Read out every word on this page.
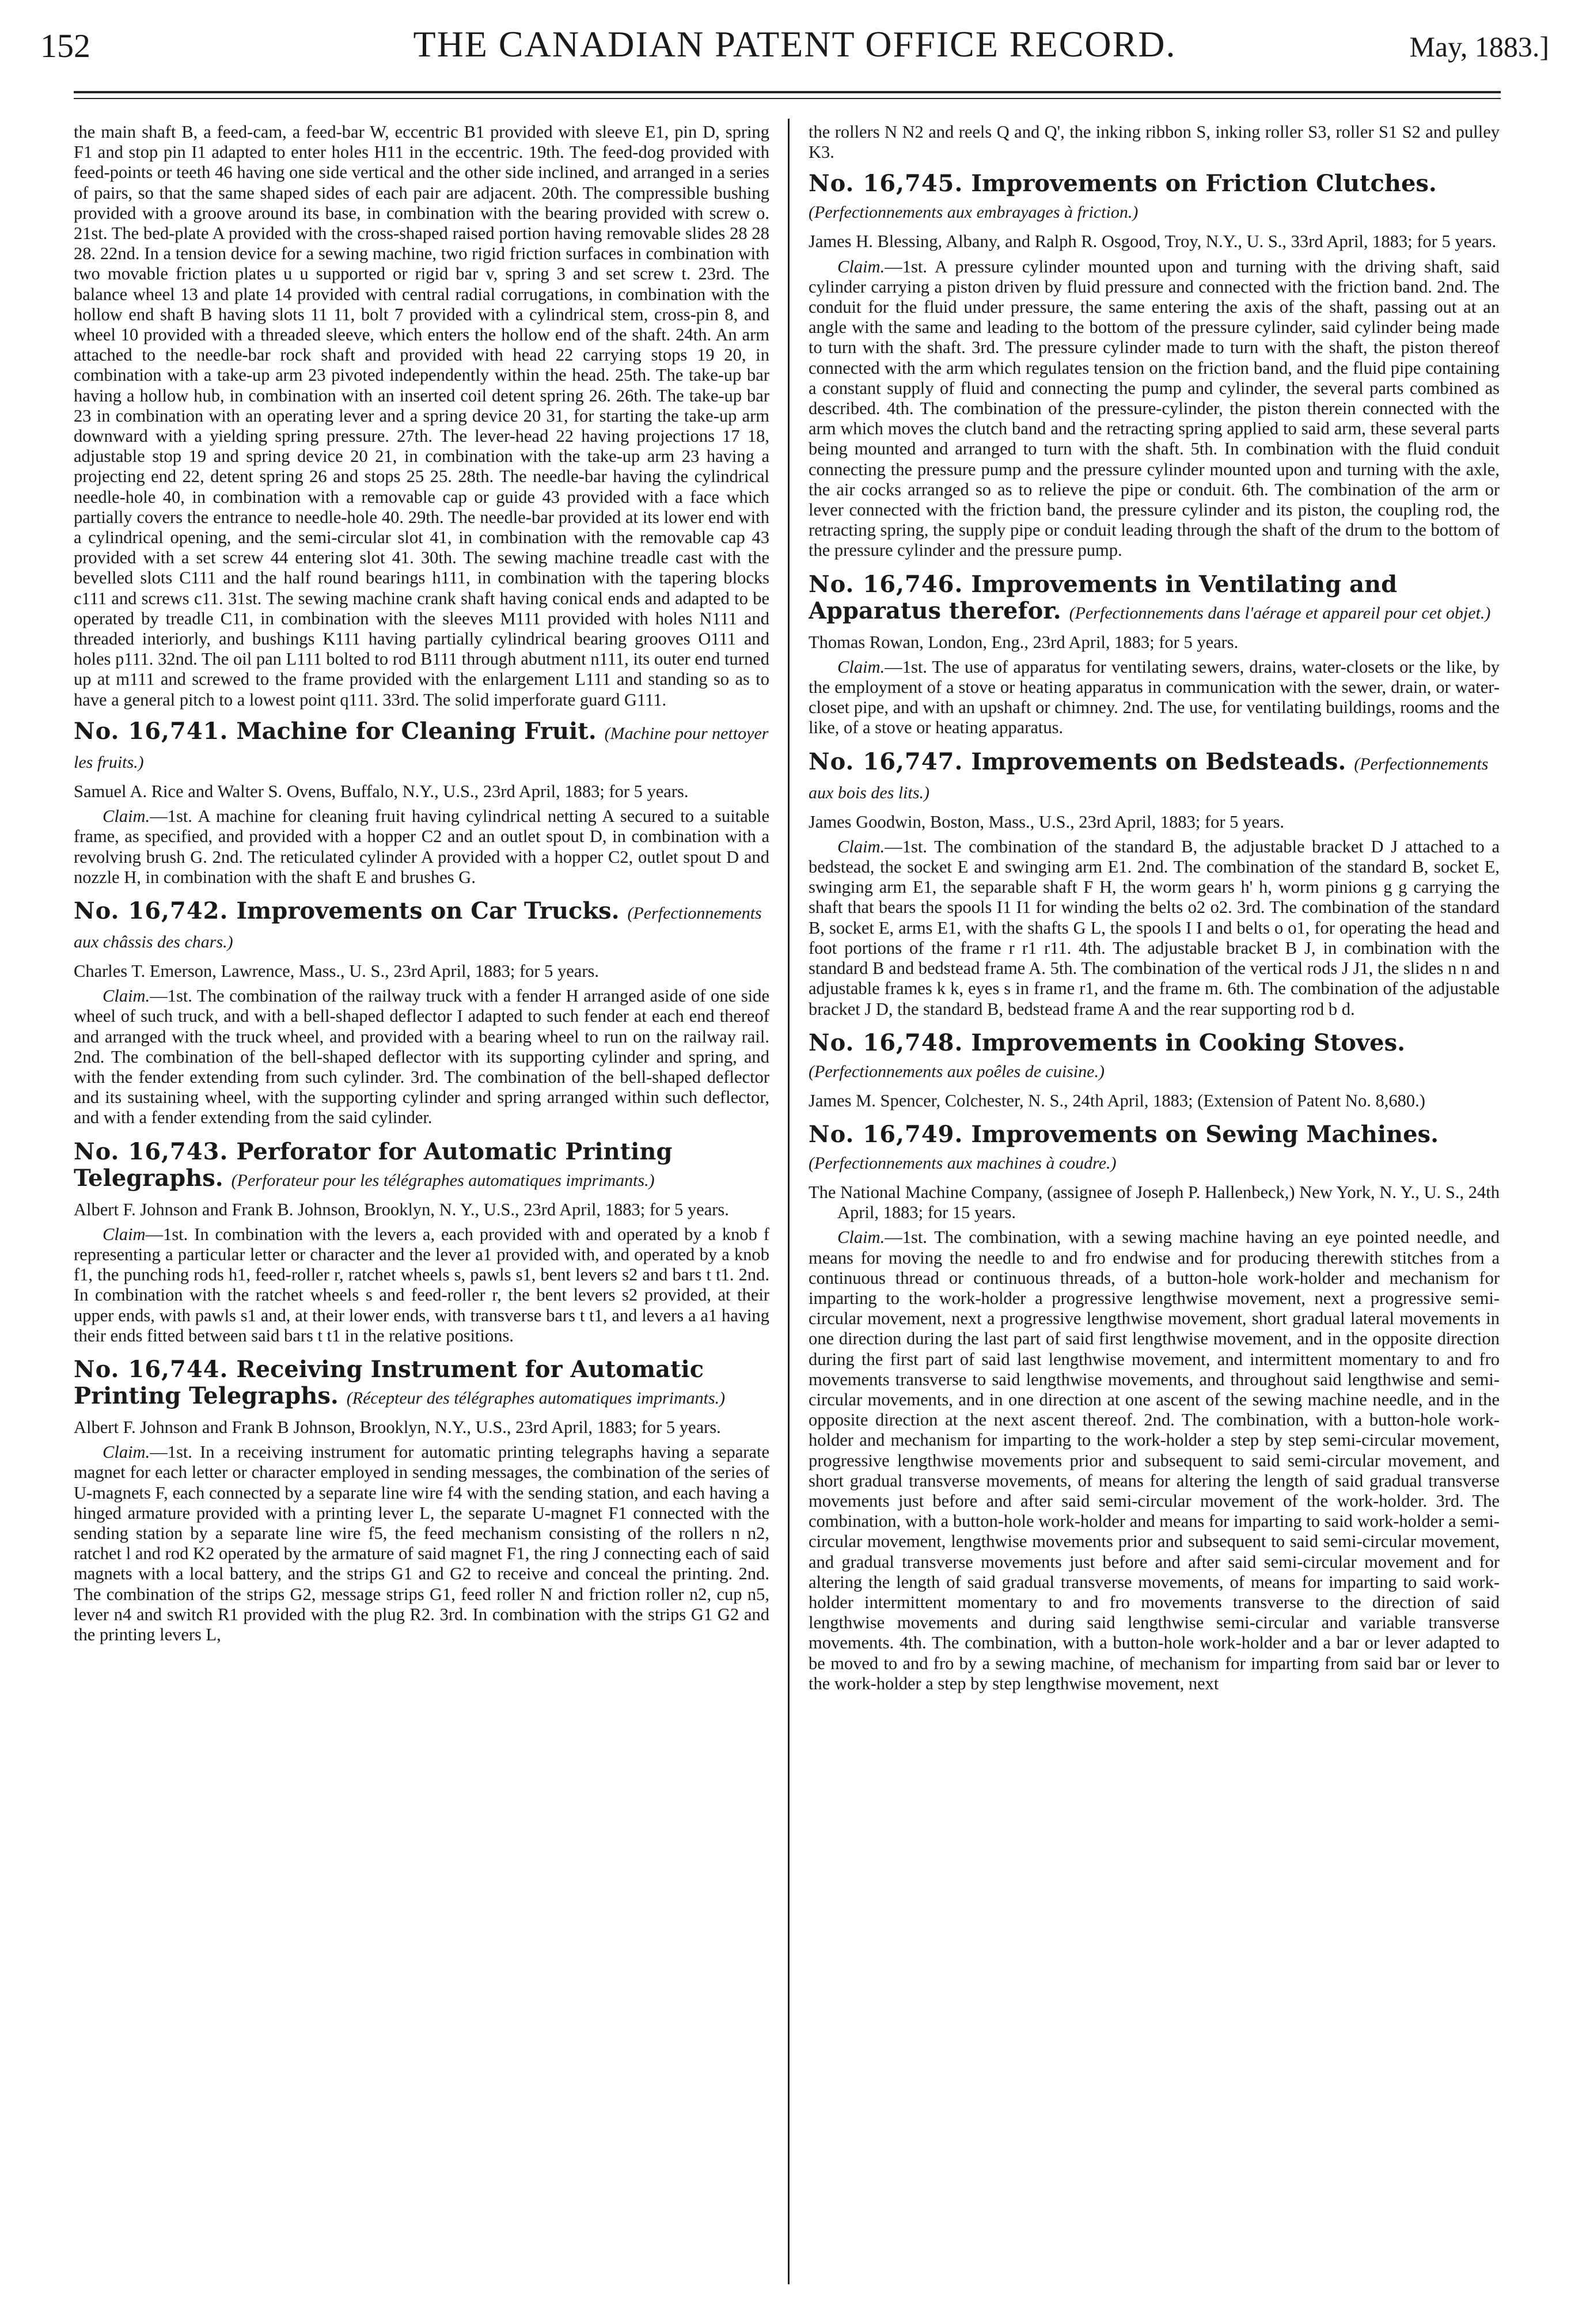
152	THE CANADIAN PATENT OFFICE RECORD.	May, 1883.]

the main shaft B, a feed-cam, a feed-bar W, eccentric B1 provided with sleeve E1, pin D, spring F1 and stop pin I1 adapted to enter holes H11 in the eccentric. 19th. The feed-dog provided with feed-points or teeth 46 having one side vertical and the other side inclined, and arranged in a series of pairs, so that the same shaped sides of each pair are adjacent. 20th. The compressible bushing provided with a groove around its base, in combination with the bearing provided with screw o. 21st. The bed-plate A provided with the cross-shaped raised portion having removable slides 28 28 28. 22nd. In a tension device for a sewing machine, two rigid friction surfaces in combination with two movable friction plates u u supported or rigid bar v, spring 3 and set screw t. 23rd. The balance wheel 13 and plate 14 provided with central radial corrugations, in combination with the hollow end shaft B having slots 11 11, bolt 7 provided with a cylindrical stem, cross-pin 8, and wheel 10 provided with a threaded sleeve, which enters the hollow end of the shaft. 24th. An arm attached to the needle-bar rock shaft and provided with head 22 carrying stops 19 20, in combination with a take-up arm 23 pivoted independently within the head. 25th. The take-up bar having a hollow hub, in combination with an inserted coil detent spring 26. 26th. The take-up bar 23 in combination with an operating lever and a spring device 20 31, for starting the take-up arm downward with a yielding spring pressure. 27th. The lever-head 22 having projections 17 18, adjustable stop 19 and spring device 20 21, in combination with the take-up arm 23 having a projecting end 22, detent spring 26 and stops 25 25. 28th. The needle-bar having the cylindrical needle-hole 40, in combination with a removable cap or guide 43 provided with a face which partially covers the entrance to needle-hole 40. 29th. The needle-bar provided at its lower end with a cylindrical opening, and the semi-circular slot 41, in combination with the removable cap 43 provided with a set screw 44 entering slot 41. 30th. The sewing machine treadle cast with the bevelled slots C111 and the half round bearings h111, in combination with the tapering blocks c111 and screws c11. 31st. The sewing machine crank shaft having conical ends and adapted to be operated by treadle C11, in combination with the sleeves M111 provided with holes N111 and threaded interiorly, and bushings K111 having partially cylindrical bearing grooves O111 and holes p111. 32nd. The oil pan L111 bolted to rod B111 through abutment n111, its outer end turned up at m111 and screwed to the frame provided with the enlargement L111 and standing so as to have a general pitch to a lowest point q111. 33rd. The solid imperforate guard G111.

No. 16,741. Machine for Cleaning Fruit. (Machine pour nettoyer les fruits.)

Samuel A. Rice and Walter S. Ovens, Buffalo, N.Y., U.S., 23rd April, 1883; for 5 years.

Claim.—1st. A machine for cleaning fruit having cylindrical netting A secured to a suitable frame, as specified, and provided with a hopper C2 and an outlet spout D, in combination with a revolving brush G. 2nd. The reticulated cylinder A provided with a hopper C2, outlet spout D and nozzle H, in combination with the shaft E and brushes G.

No. 16,742. Improvements on Car Trucks. (Perfectionnements aux châssis des chars.)

Charles T. Emerson, Lawrence, Mass., U. S., 23rd April, 1883; for 5 years.

Claim.—1st. The combination of the railway truck with a fender H arranged aside of one side wheel of such truck, and with a bell-shaped deflector I adapted to such fender at each end thereof and arranged with the truck wheel, and provided with a bearing wheel to run on the railway rail. 2nd. The combination of the bell-shaped deflector with its supporting cylinder and spring, and with the fender extending from such cylinder. 3rd. The combination of the bell-shaped deflector and its sustaining wheel, with the supporting cylinder and spring arranged within such deflector, and with a fender extending from the said cylinder.

No. 16,743. Perforator for Automatic Printing Telegraphs. (Perforateur pour les télégraphes automatiques imprimants.)

Albert F. Johnson and Frank B. Johnson, Brooklyn, N. Y., U.S., 23rd April, 1883; for 5 years.

Claim—1st. In combination with the levers a, each provided with and operated by a knob f representing a particular letter or character and the lever a1 provided with, and operated by a knob f1, the punching rods h1, feed-roller r, ratchet wheels s, pawls s1, bent levers s2 and bars t t1. 2nd. In combination with the ratchet wheels s and feed-roller r, the bent levers s2 provided, at their upper ends, with pawls s1 and, at their lower ends, with transverse bars t t1, and levers a a1 having their ends fitted between said bars t t1 in the relative positions.

No. 16,744. Receiving Instrument for Automatic Printing Telegraphs. (Récepteur des télégraphes automatiques imprimants.)

Albert F. Johnson and Frank B Johnson, Brooklyn, N.Y., U.S., 23rd April, 1883; for 5 years.

Claim.—1st. In a receiving instrument for automatic printing telegraphs having a separate magnet for each letter or character employed in sending messages, the combination of the series of U-magnets F, each connected by a separate line wire f4 with the sending station, and each having a hinged armature provided with a printing lever L, the separate U-magnet F1 connected with the sending station by a separate line wire f5, the feed mechanism consisting of the rollers n n2, ratchet l and rod K2 operated by the armature of said magnet F1, the ring J connecting each of said magnets with a local battery, and the strips G1 and G2 to receive and conceal the printing. 2nd. The combination of the strips G2, message strips G1, feed roller N and friction roller n2, cup n5, lever n4 and switch R1 provided with the plug R2. 3rd. In combination with the strips G1 G2 and the printing levers L,

the rollers N N2 and reels Q and Q', the inking ribbon S, inking roller S3, roller S1 S2 and pulley K3.

No. 16,745. Improvements on Friction Clutches. (Perfectionnements aux embrayages à friction.)

James H. Blessing, Albany, and Ralph R. Osgood, Troy, N.Y., U. S., 33rd April, 1883; for 5 years.

Claim.—1st. A pressure cylinder mounted upon and turning with the driving shaft, said cylinder carrying a piston driven by fluid pressure and connected with the friction band. 2nd. The conduit for the fluid under pressure, the same entering the axis of the shaft, passing out at an angle with the same and leading to the bottom of the pressure cylinder, said cylinder being made to turn with the shaft. 3rd. The pressure cylinder made to turn with the shaft, the piston thereof connected with the arm which regulates tension on the friction band, and the fluid pipe containing a constant supply of fluid and connecting the pump and cylinder, the several parts combined as described. 4th. The combination of the pressure-cylinder, the piston therein connected with the arm which moves the clutch band and the retracting spring applied to said arm, these several parts being mounted and arranged to turn with the shaft. 5th. In combination with the fluid conduit connecting the pressure pump and the pressure cylinder mounted upon and turning with the axle, the air cocks arranged so as to relieve the pipe or conduit. 6th. The combination of the arm or lever connected with the friction band, the pressure cylinder and its piston, the coupling rod, the retracting spring, the supply pipe or conduit leading through the shaft of the drum to the bottom of the pressure cylinder and the pressure pump.

No. 16,746. Improvements in Ventilating and Apparatus therefor. (Perfectionnements dans l'aérage et appareil pour cet objet.)

Thomas Rowan, London, Eng., 23rd April, 1883; for 5 years.

Claim.—1st. The use of apparatus for ventilating sewers, drains, water-closets or the like, by the employment of a stove or heating apparatus in communication with the sewer, drain, or water-closet pipe, and with an upshaft or chimney. 2nd. The use, for ventilating buildings, rooms and the like, of a stove or heating apparatus.

No. 16,747. Improvements on Bedsteads. (Perfectionnements aux bois des lits.)

James Goodwin, Boston, Mass., U.S., 23rd April, 1883; for 5 years.

Claim.—1st. The combination of the standard B, the adjustable bracket D J attached to a bedstead, the socket E and swinging arm E1. 2nd. The combination of the standard B, socket E, swinging arm E1, the separable shaft F H, the worm gears h' h, worm pinions g g carrying the shaft that bears the spools I1 I1 for winding the belts o2 o2. 3rd. The combination of the standard B, socket E, arms E1, with the shafts G L, the spools I I and belts o o1, for operating the head and foot portions of the frame r r1 r11. 4th. The adjustable bracket B J, in combination with the standard B and bedstead frame A. 5th. The combination of the vertical rods J J1, the slides n n and adjustable frames k k, eyes s in frame r1, and the frame m. 6th. The combination of the adjustable bracket J D, the standard B, bedstead frame A and the rear supporting rod b d.

No. 16,748. Improvements in Cooking Stoves. (Perfectionnements aux poêles de cuisine.)

James M. Spencer, Colchester, N. S., 24th April, 1883; (Extension of Patent No. 8,680.)

No. 16,749. Improvements on Sewing Machines. (Perfectionnements aux machines à coudre.)

The National Machine Company, (assignee of Joseph P. Hallenbeck,) New York, N. Y., U. S., 24th April, 1883; for 15 years.

Claim.—1st. The combination, with a sewing machine having an eye pointed needle, and means for moving the needle to and fro endwise and for producing therewith stitches from a continuous thread or continuous threads, of a button-hole work-holder and mechanism for imparting to the work-holder a progressive lengthwise movement, next a progressive semi-circular movement, next a progressive lengthwise movement, short gradual lateral movements in one direction during the last part of said first lengthwise movement, and in the opposite direction during the first part of said last lengthwise movement, and intermittent momentary to and fro movements transverse to said lengthwise movements, and throughout said lengthwise and semi-circular movements, and in one direction at one ascent of the sewing machine needle, and in the opposite direction at the next ascent thereof. 2nd. The combination, with a button-hole work-holder and mechanism for imparting to the work-holder a step by step semi-circular movement, progressive lengthwise movements prior and subsequent to said semi-circular movement, and short gradual transverse movements, of means for altering the length of said gradual transverse movements just before and after said semi-circular movement of the work-holder. 3rd. The combination, with a button-hole work-holder and means for imparting to said work-holder a semi-circular movement, lengthwise movements prior and subsequent to said semi-circular movement, and gradual transverse movements just before and after said semi-circular movement and for altering the length of said gradual transverse movements, of means for imparting to said work-holder intermittent momentary to and fro movements transverse to the direction of said lengthwise movements and during said lengthwise semi-circular and variable transverse movements. 4th. The combination, with a button-hole work-holder and a bar or lever adapted to be moved to and fro by a sewing machine, of mechanism for imparting from said bar or lever to the work-holder a step by step lengthwise movement, next
